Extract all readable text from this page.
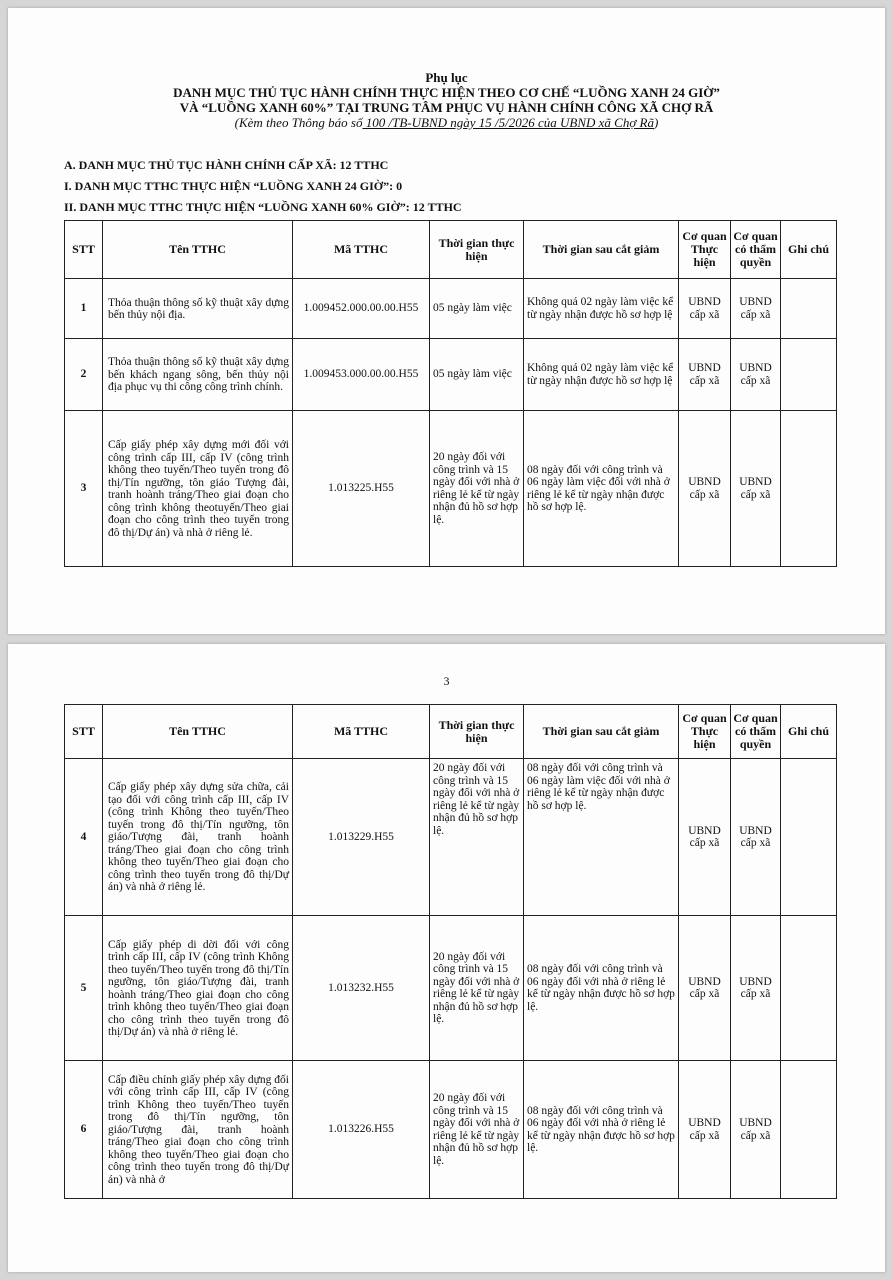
Phụ lục
DANH MỤC THỦ TỤC HÀNH CHÍNH THỰC HIỆN THEO CƠ CHẾ “LUỒNG XANH 24 GIỜ”
VÀ “LUỒNG XANH 60%” TẠI TRUNG TÂM PHỤC VỤ HÀNH CHÍNH CÔNG XÃ CHỢ RÃ
(Kèm theo Thông báo số 100 /TB-UBND ngày 15 /5/2026 của UBND xã Chợ Rã)
A. DANH MỤC THỦ TỤC HÀNH CHÍNH CẤP XÃ: 12 TTHC
I. DANH MỤC TTHC THỰC HIỆN “LUỒNG XANH 24 GIỜ”: 0
II. DANH MỤC TTHC THỰC HIỆN “LUỒNG XANH 60% GIỜ”: 12 TTHC
STT	Tên TTHC	Mã TTHC	Thời gian thực hiện	Thời gian sau cắt giảm	Cơ quan Thực hiện	Cơ quan có thẩm quyền	Ghi chú
1	Thỏa thuận thông số kỹ thuật xây dựng bến thủy nội địa.	1.009452.000.00.00.H55	05 ngày làm việc	Không quá 02 ngày làm việc kể từ ngày nhận được hồ sơ hợp lệ	UBND cấp xã	UBND cấp xã	
2	Thỏa thuận thông số kỹ thuật xây dựng bến khách ngang sông, bến thủy nội địa phục vụ thi công công trình chính.	1.009453.000.00.00.H55	05 ngày làm việc	Không quá 02 ngày làm việc kể từ ngày nhận được hồ sơ hợp lệ	UBND cấp xã	UBND cấp xã	
3	Cấp giấy phép xây dựng mới đối với công trình cấp III, cấp IV (công trình không theo tuyến/Theo tuyến trong đô thị/Tín ngưỡng, tôn giáo Tượng đài, tranh hoành tráng/Theo giai đoạn cho công trình không theotuyến/Theo giai đoạn cho công trình theo tuyến trong đô thị/Dự án) và nhà ở riêng lẻ.	1.013225.H55	20 ngày đối với công trình và 15 ngày đối với nhà ở riêng lẻ kể từ ngày nhận đủ hồ sơ hợp lệ.	08 ngày đối với công trình và 06 ngày làm việc đối với nhà ở riêng lẻ kể từ ngày nhận được hồ sơ hợp lệ.	UBND cấp xã	UBND cấp xã	
3
STT	Tên TTHC	Mã TTHC	Thời gian thực hiện	Thời gian sau cắt giảm	Cơ quan Thực hiện	Cơ quan có thẩm quyền	Ghi chú
4	Cấp giấy phép xây dựng sửa chữa, cải tạo đối với công trình cấp III, cấp IV (công trình Không theo tuyến/Theo tuyến trong đô thị/Tín ngưỡng, tôn giáo/Tượng đài, tranh hoành tráng/Theo giai đoạn cho công trình không theo tuyến/Theo giai đoạn cho công trình theo tuyến trong đô thị/Dự án) và nhà ở riêng lẻ.	1.013229.H55	20 ngày đối với công trình và 15 ngày đối với nhà ở riêng lẻ kể từ ngày nhận đủ hồ sơ hợp lệ.	08 ngày đối với công trình và 06 ngày làm việc đối với nhà ở riêng lẻ kể từ ngày nhận được hồ sơ hợp lệ.	UBND cấp xã	UBND cấp xã	
5	Cấp giấy phép di dời đối với công trình cấp III, cấp IV (công trình Không theo tuyến/Theo tuyến trong đô thị/Tín ngưỡng, tôn giáo/Tượng đài, tranh hoành tráng/Theo giai đoạn cho công trình không theo tuyến/Theo giai đoạn cho công trình theo tuyến trong đô thị/Dự án) và nhà ở riêng lẻ.	1.013232.H55	20 ngày đối với công trình và 15 ngày đối với nhà ở riêng lẻ kể từ ngày nhận đủ hồ sơ hợp lệ.	08 ngày đối với công trình và 06 ngày đối với nhà ở riêng lẻ kể từ ngày nhận được hồ sơ hợp lệ.	UBND cấp xã	UBND cấp xã	
6	Cấp điều chỉnh giấy phép xây dựng đối với công trình cấp III, cấp IV (công trình Không theo tuyến/Theo tuyến trong đô thị/Tín ngưỡng, tôn giáo/Tượng đài, tranh hoành tráng/Theo giai đoạn cho công trình không theo tuyến/Theo giai đoạn cho công trình theo tuyến trong đô thị/Dự án) và nhà ở	1.013226.H55	20 ngày đối với công trình và 15 ngày đối với nhà ở riêng lẻ kể từ ngày nhận đủ hồ sơ hợp lệ.	08 ngày đối với công trình và 06 ngày đối với nhà ở riêng lẻ kể từ ngày nhận được hồ sơ hợp lệ.	UBND cấp xã	UBND cấp xã	
